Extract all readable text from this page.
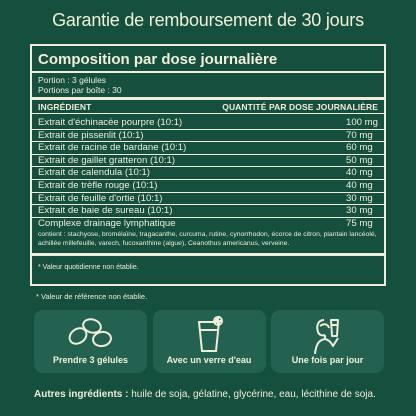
Garantie de remboursement de 30 jours
Composition par dose journalière
Portion : 3 gélules
Portions par boîte : 30
INGRÉDIENT	QUANTITÉ PAR DOSE JOURNALIÈRE
Extrait d'échinacée pourpre (10:1)	100 mg
Extrait de pissenlit (10:1)	70 mg
Extrait de racine de bardane (10:1)	60 mg
Extrait de gaillet gratteron (10:1)	50 mg
Extrait de calendula (10:1)	40 mg
Extrait de trèfle rouge (10:1)	40 mg
Extrait de feuille d'ortie (10:1)	30 mg
Extrait de baie de sureau (10:1)	30 mg
Complexe drainage lymphatique	75 mg
contient : stachyose, bromélaïne, tragacanthe, curcuma, rutine, cynorrhodon, écorce de citron, plantain lancéolé, achillée millefeuille, varech, fucoxanthine (algue), Ceanothus americanus, verveine.
* Valeur quotidienne non établie.
* Valeur de référence non établie.
Prendre 3 gélules	Avec un verre d'eau	Une fois par jour
Autres ingrédients : huile de soja, gélatine, glycérine, eau, lécithine de soja.
